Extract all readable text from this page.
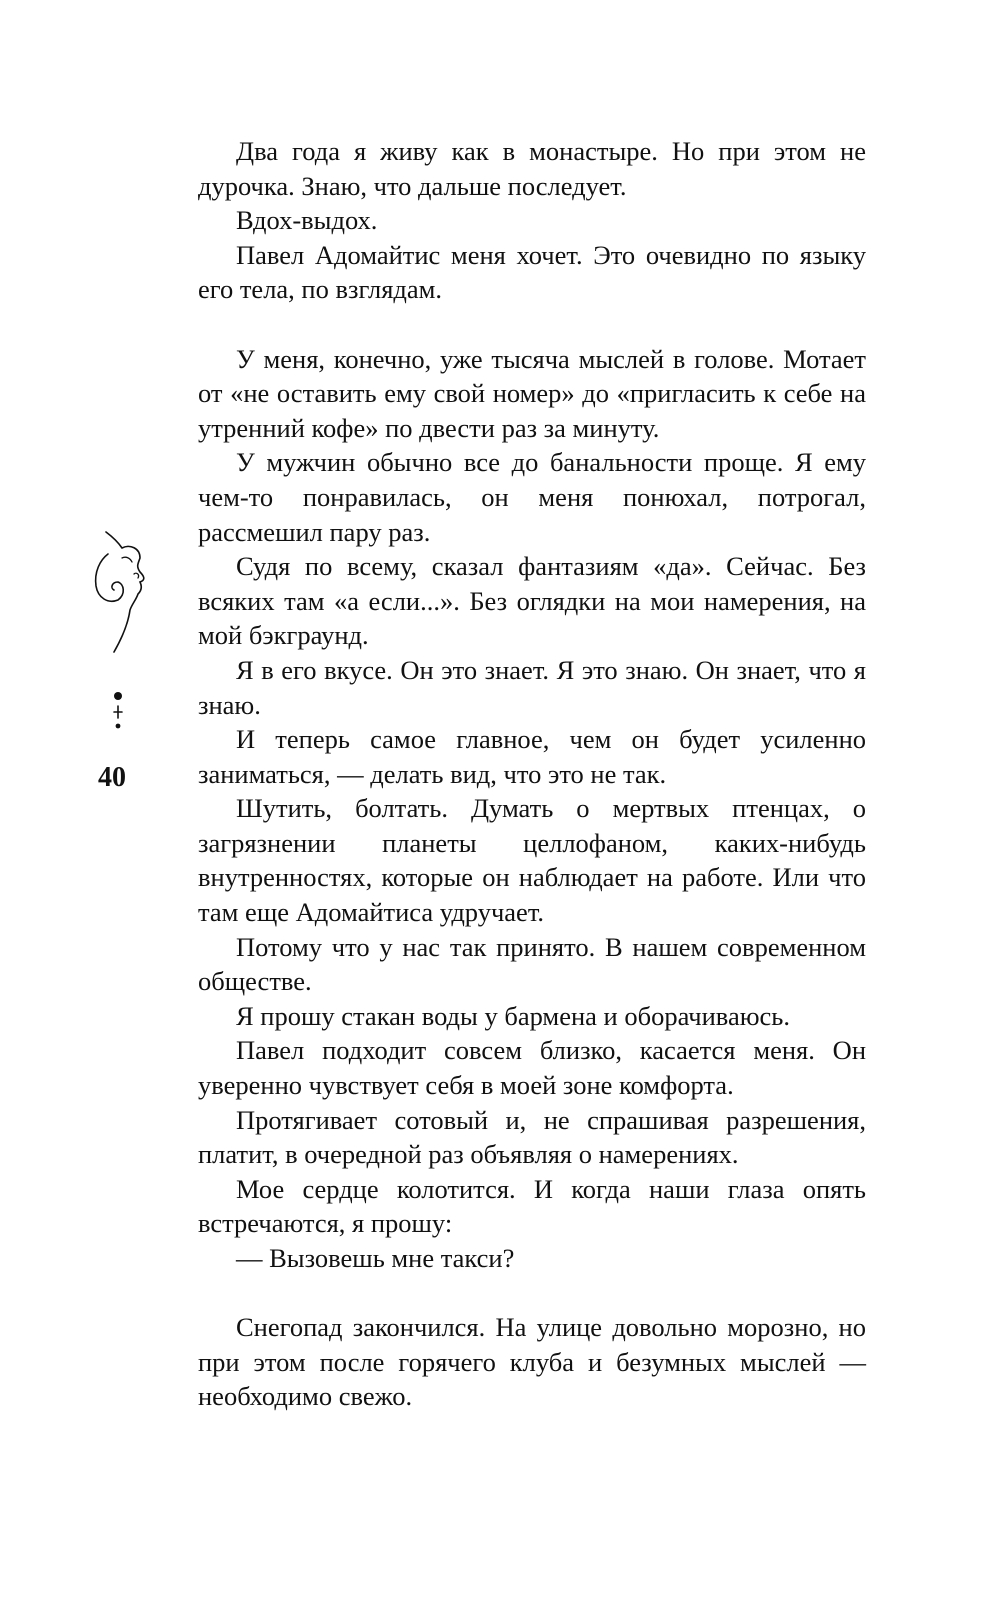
Два года я живу как в монастыре. Но при этом не дурочка. Знаю, что дальше последует.

Вдох-выдох.

Павел Адомайтис меня хочет. Это очевидно по языку его тела, по взглядам.

У меня, конечно, уже тысяча мыслей в голове. Мотает от «не оставить ему свой номер» до «пригласить к себе на утренний кофе» по двести раз за минуту.

У мужчин обычно все до банальности проще. Я ему чем-то понравилась, он меня понюхал, потрогал, рассмешил пару раз.

Судя по всему, сказал фантазиям «да». Сейчас. Без всяких там «а если...». Без оглядки на мои намерения, на мой бэкграунд.

Я в его вкусе. Он это знает. Я это знаю. Он знает, что я знаю.

И теперь самое главное, чем он будет усиленно заниматься, — делать вид, что это не так.

Шутить, болтать. Думать о мертвых птенцах, о загрязнении планеты целлофаном, каких-нибудь внутренностях, которые он наблюдает на работе. Или что там еще Адомайтиса удручает.

Потому что у нас так принято. В нашем современном обществе.

Я прошу стакан воды у бармена и оборачиваюсь.

Павел подходит совсем близко, касается меня. Он уверенно чувствует себя в моей зоне комфорта.

Протягивает сотовый и, не спрашивая разрешения, платит, в очередной раз объявляя о намерениях.

Мое сердце колотится. И когда наши глаза опять встречаются, я прошу:

— Вызовешь мне такси?

Снегопад закончился. На улице довольно морозно, но при этом после горячего клуба и безумных мыслей — необходимо свежо.

40
